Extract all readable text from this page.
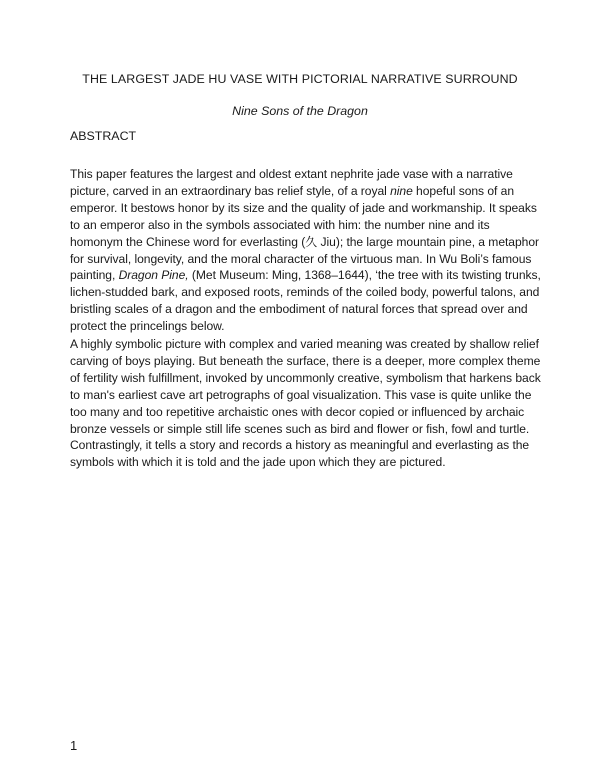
THE LARGEST JADE HU VASE WITH PICTORIAL NARRATIVE SURROUND

Nine Sons of the Dragon

ABSTRACT

This paper features the largest and oldest extant nephrite jade vase with a narrative picture, carved in an extraordinary bas relief style, of a royal nine hopeful sons of an emperor. It bestows honor by its size and the quality of jade and workmanship. It speaks to an emperor also in the symbols associated with him: the number nine and its homonym the Chinese word for everlasting (久 Jiu); the large mountain pine, a metaphor for survival, longevity, and the moral character of the virtuous man. In Wu Boli’s famous painting, Dragon Pine, (Met Museum: Ming, 1368–1644), ‘the tree with its twisting trunks, lichen-studded bark, and exposed roots, reminds of the coiled body, powerful talons, and bristling scales of a dragon and the embodiment of natural forces that spread over and protect the princelings below.

A highly symbolic picture with complex and varied meaning was created by shallow relief carving of boys playing. But beneath the surface, there is a deeper, more complex theme of fertility wish fulfillment, invoked by uncommonly creative, symbolism that harkens back to man's earliest cave art petrographs of goal visualization. This vase is quite unlike the too many and too repetitive archaistic ones with decor copied or influenced by archaic bronze vessels or simple still life scenes such as bird and flower or fish, fowl and turtle. Contrastingly, it tells a story and records a history as meaningful and everlasting as the symbols with which it is told and the jade upon which they are pictured.

1
